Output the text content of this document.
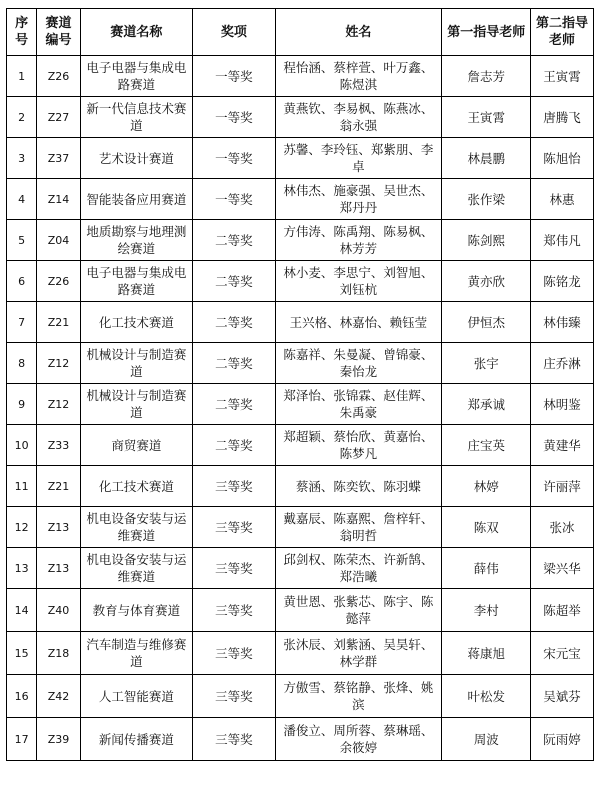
序号	赛道编号	赛道名称	奖项	姓名	第一指导老师	第二指导老师
1	Z26	电子电器与集成电路赛道	一等奖	程怡涵、蔡梓萱、叶万鑫、陈煜淇	詹志芳	王寅霄
2	Z27	新一代信息技术赛道	一等奖	黄燕钦、李易枫、陈燕冰、翁永强	王寅霄	唐腾飞
3	Z37	艺术设计赛道	一等奖	苏馨、李玲钰、郑紫朋、李卓	林晨鹏	陈旭怡
4	Z14	智能装备应用赛道	一等奖	林伟杰、施豪强、吴世杰、郑丹丹	张作梁	林惠
5	Z04	地质勘察与地理测绘赛道	二等奖	方伟涛、陈禹翔、陈易枫、林芳芳	陈剑熙	郑伟凡
6	Z26	电子电器与集成电路赛道	二等奖	林小麦、李思宁、刘智旭、刘钰杭	黄亦欣	陈铭龙
7	Z21	化工技术赛道	二等奖	王兴格、林嘉怡、赖钰莹	伊恒杰	林伟臻
8	Z12	机械设计与制造赛道	二等奖	陈嘉祥、朱曼凝、曾锦豪、秦怡龙	张宇	庄乔淋
9	Z12	机械设计与制造赛道	二等奖	郑泽怡、张锦霖、赵佳辉、朱禹豪	郑承诚	林明鉴
10	Z33	商贸赛道	二等奖	郑超颖、蔡怡欣、黄嘉怡、陈梦凡	庄宝英	黄建华
11	Z21	化工技术赛道	三等奖	蔡涵、陈奕钦、陈羽蝶	林婷	许丽萍
12	Z13	机电设备安装与运维赛道	三等奖	戴嘉辰、陈嘉熙、詹梓轩、翁明哲	陈双	张冰
13	Z13	机电设备安装与运维赛道	三等奖	邱剑权、陈荣杰、许新鹄、郑浩曦	薛伟	梁兴华
14	Z40	教育与体育赛道	三等奖	黄世恩、张紫芯、陈宇、陈懿萍	李村	陈超举
15	Z18	汽车制造与维修赛道	三等奖	张沐辰、刘紫涵、吴昊轩、林学群	蒋康旭	宋元宝
16	Z42	人工智能赛道	三等奖	方傲雪、蔡铭静、张烽、姚滨	叶松发	吴斌芬
17	Z39	新闻传播赛道	三等奖	潘俊立、周所蓉、蔡琳瑶、余筱婷	周波	阮雨婷
